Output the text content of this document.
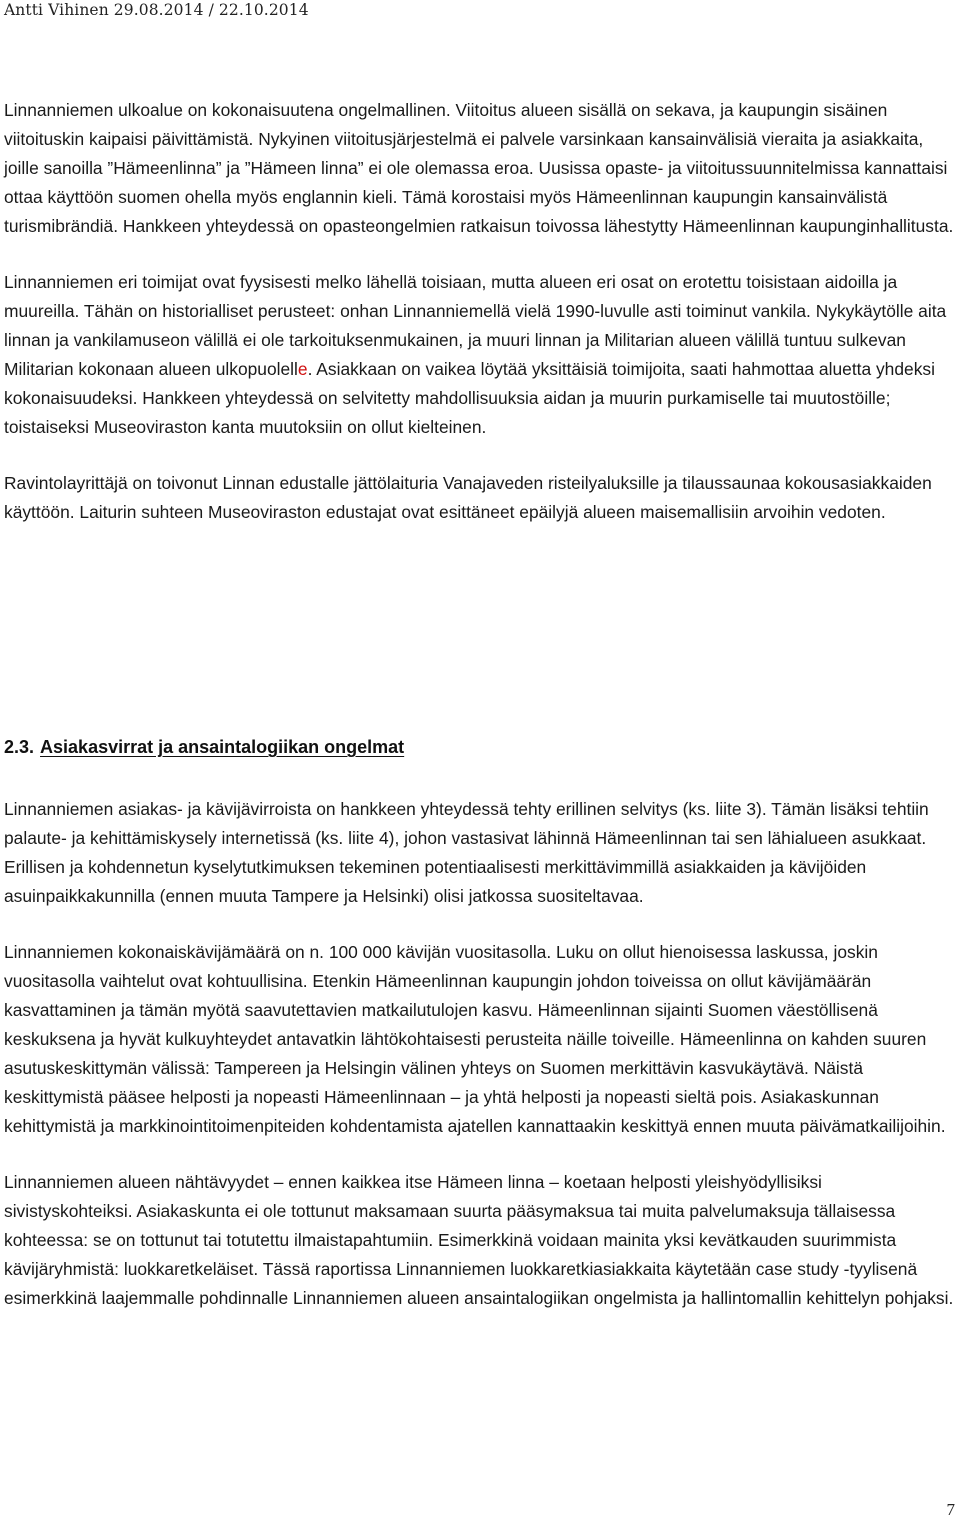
Antti Vihinen 29.08.2014 / 22.10.2014

Linnanniemen ulkoalue on kokonaisuutena ongelmallinen. Viitoitus alueen sisällä on sekava, ja kaupungin sisäinen viitoituskin kaipaisi päivittämistä. Nykyinen viitoitusjärjestelmä ei palvele varsinkaan kansainvälisiä vieraita ja asiakkaita, joille sanoilla ”Hämeenlinna” ja ”Hämeen linna” ei ole olemassa eroa. Uusissa opaste- ja viitoitussuunnitelmissa kannattaisi ottaa käyttöön suomen ohella myös englannin kieli. Tämä korostaisi myös Hämeenlinnan kaupungin kansainvälistä turismibrändiä. Hankkeen yhteydessä on opasteongelmien ratkaisun toivossa lähestytty Hämeenlinnan kaupunginhallitusta.

Linnanniemen eri toimijat ovat fyysisesti melko lähellä toisiaan, mutta alueen eri osat on erotettu toisistaan aidoilla ja muureilla. Tähän on historialliset perusteet: onhan Linnanniemellä vielä 1990-luvulle asti toiminut vankila. Nykykäytölle aita linnan ja vankilamuseon välillä ei ole tarkoituksenmukainen, ja muuri linnan ja Militarian alueen välillä tuntuu sulkevan Militarian kokonaan alueen ulkopuolelle. Asiakkaan on vaikea löytää yksittäisiä toimijoita, saati hahmottaa aluetta yhdeksi kokonaisuudeksi. Hankkeen yhteydessä on selvitetty mahdollisuuksia aidan ja muurin purkamiselle tai muutostöille; toistaiseksi Museoviraston kanta muutoksiin on ollut kielteinen.

Ravintolayrittäjä on toivonut Linnan edustalle jättölaituria Vanajaveden risteilyaluksille ja tilaussaunaa kokousasiakkaiden käyttöön. Laiturin suhteen Museoviraston edustajat ovat esittäneet epäilyjä alueen maisemallisiin arvoihin vedoten.

2.3. Asiakasvirrat ja ansaintalogiikan ongelmat

Linnanniemen asiakas- ja kävijävirroista on hankkeen yhteydessä tehty erillinen selvitys (ks. liite 3). Tämän lisäksi tehtiin palaute- ja kehittämiskysely internetissä (ks. liite 4), johon vastasivat lähinnä Hämeenlinnan tai sen lähialueen asukkaat. Erillisen ja kohdennetun kyselytutkimuksen tekeminen potentiaalisesti merkittävimmillä asiakkaiden ja kävijöiden asuinpaikkakunnilla (ennen muuta Tampere ja Helsinki) olisi jatkossa suositeltavaa.

Linnanniemen kokonaiskävijämäärä on n. 100 000 kävijän vuositasolla. Luku on ollut hienoisessa laskussa, joskin vuositasolla vaihtelut ovat kohtuullisina. Etenkin Hämeenlinnan kaupungin johdon toiveissa on ollut kävijämäärän kasvattaminen ja tämän myötä saavutettavien matkailutulojen kasvu. Hämeenlinnan sijainti Suomen väestöllisenä keskuksena ja hyvät kulkuyhteydet antavatkin lähtökohtaisesti perusteita näille toiveille. Hämeenlinna on kahden suuren asutuskeskittymän välissä: Tampereen ja Helsingin välinen yhteys on Suomen merkittävin kasvukäytävä. Näistä keskittymistä pääsee helposti ja nopeasti Hämeenlinnaan – ja yhtä helposti ja nopeasti sieltä pois. Asiakaskunnan kehittymistä ja markkinointitoimenpiteiden kohdentamista ajatellen kannattaakin keskittyä ennen muuta päivämatkailijoihin.

Linnanniemen alueen nähtävyydet – ennen kaikkea itse Hämeen linna – koetaan helposti yleishyödyllisiksi sivistyskohteiksi. Asiakaskunta ei ole tottunut maksamaan suurta pääsymaksua tai muita palvelumaksuja tällaisessa kohteessa: se on tottunut tai totutettu ilmaistapahtumiin. Esimerkkinä voidaan mainita yksi kevätkauden suurimmista kävijäryhmistä: luokkaretkeläiset. Tässä raportissa Linnanniemen luokkaretkiasiakkaita käytetään case study -tyylisenä esimerkkinä laajemmalle pohdinnalle Linnanniemen alueen ansaintalogiikan ongelmista ja hallintomallin kehittelyn pohjaksi.

7
